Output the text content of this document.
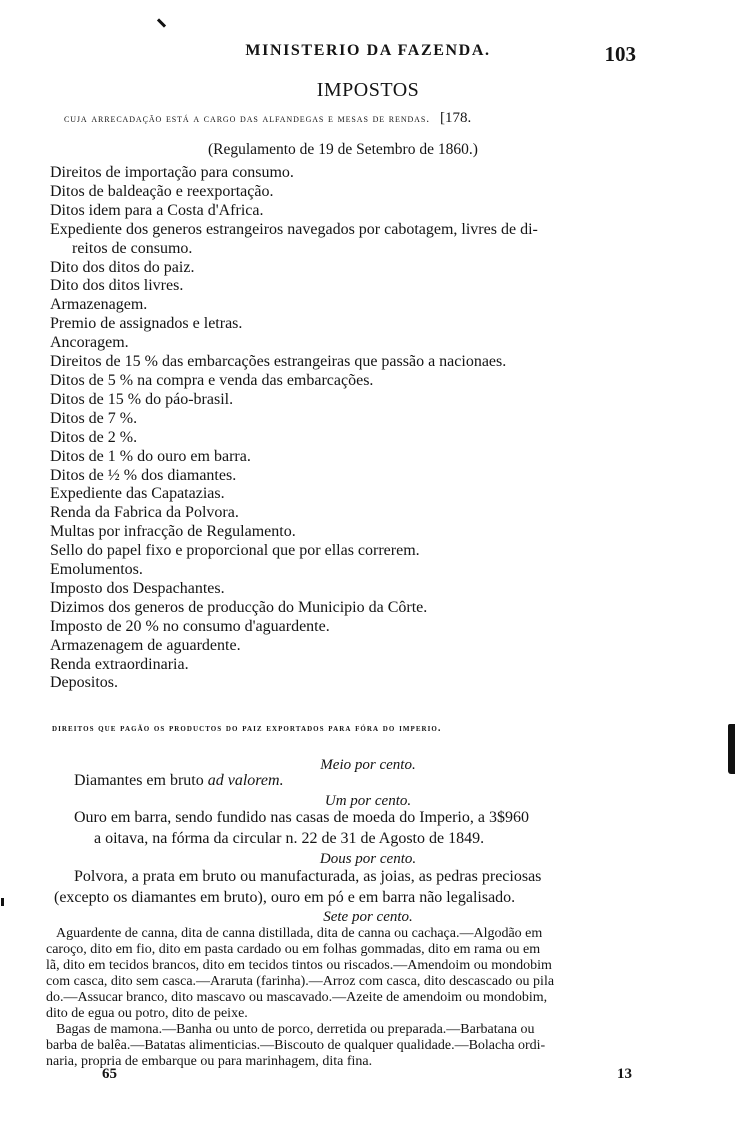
MINISTERIO DA FAZENDA.	103
IMPOSTOS
cuja arrecadação está a cargo das alfandegas e mesas de rendas. [178.
(Regulamento de 19 de Setembro de 1860.)
Direitos de importação para consumo.
Ditos de baldeação e reexportação.
Ditos idem para a Costa d'Africa.
Expediente dos generos estrangeiros navegados por cabotagem, livres de di-
reitos de consumo.
Dito dos ditos do paiz.
Dito dos ditos livres.
Armazenagem.
Premio de assignados e letras.
Ancoragem.
Direitos de 15 % das embarcações estrangeiras que passão a nacionaes.
Ditos de 5 % na compra e venda das embarcações.
Ditos de 15 % do páo-brasil.
Ditos de 7 %.
Ditos de 2 %.
Ditos de 1 % do ouro em barra.
Ditos de ½ % dos diamantes.
Expediente das Capatazias.
Renda da Fabrica da Polvora.
Multas por infracção de Regulamento.
Sello do papel fixo e proporcional que por ellas correrem.
Emolumentos.
Imposto dos Despachantes.
Dizimos dos generos de producção do Municipio da Côrte.
Imposto de 20 % no consumo d'aguardente.
Armazenagem de aguardente.
Renda extraordinaria.
Depositos.
direitos que pagão os productos do paiz exportados para fóra do imperio.
Meio por cento.
Diamantes em bruto ad valorem.
Um por cento.
Ouro em barra, sendo fundido nas casas de moeda do Imperio, a 3$960
a oitava, na fórma da circular n. 22 de 31 de Agosto de 1849.
Dous por cento.
Polvora, a prata em bruto ou manufacturada, as joias, as pedras preciosas
(excepto os diamantes em bruto), ouro em pó e em barra não legalisado.
Sete por cento.
Aguardente de canna, dita de canna distillada, dita de canna ou cachaça.—Algodão em
caroço, dito em fio, dito em pasta cardado ou em folhas gommadas, dito em rama ou em
lã, dito em tecidos brancos, dito em tecidos tintos ou riscados.—Amendoim ou mondobim
com casca, dito sem casca.—Araruta (farinha).—Arroz com casca, dito descascado ou pila
do.—Assucar branco, dito mascavo ou mascavado.—Azeite de amendoim ou mondobim,
dito de egua ou potro, dito de peixe.
Bagas de mamona.—Banha ou unto de porco, derretida ou preparada.—Barbatana ou
barba de balêa.—Batatas alimenticias.—Biscouto de qualquer qualidade.—Bolacha ordi-
naria, propria de embarque ou para marinhagem, dita fina.
65	13
